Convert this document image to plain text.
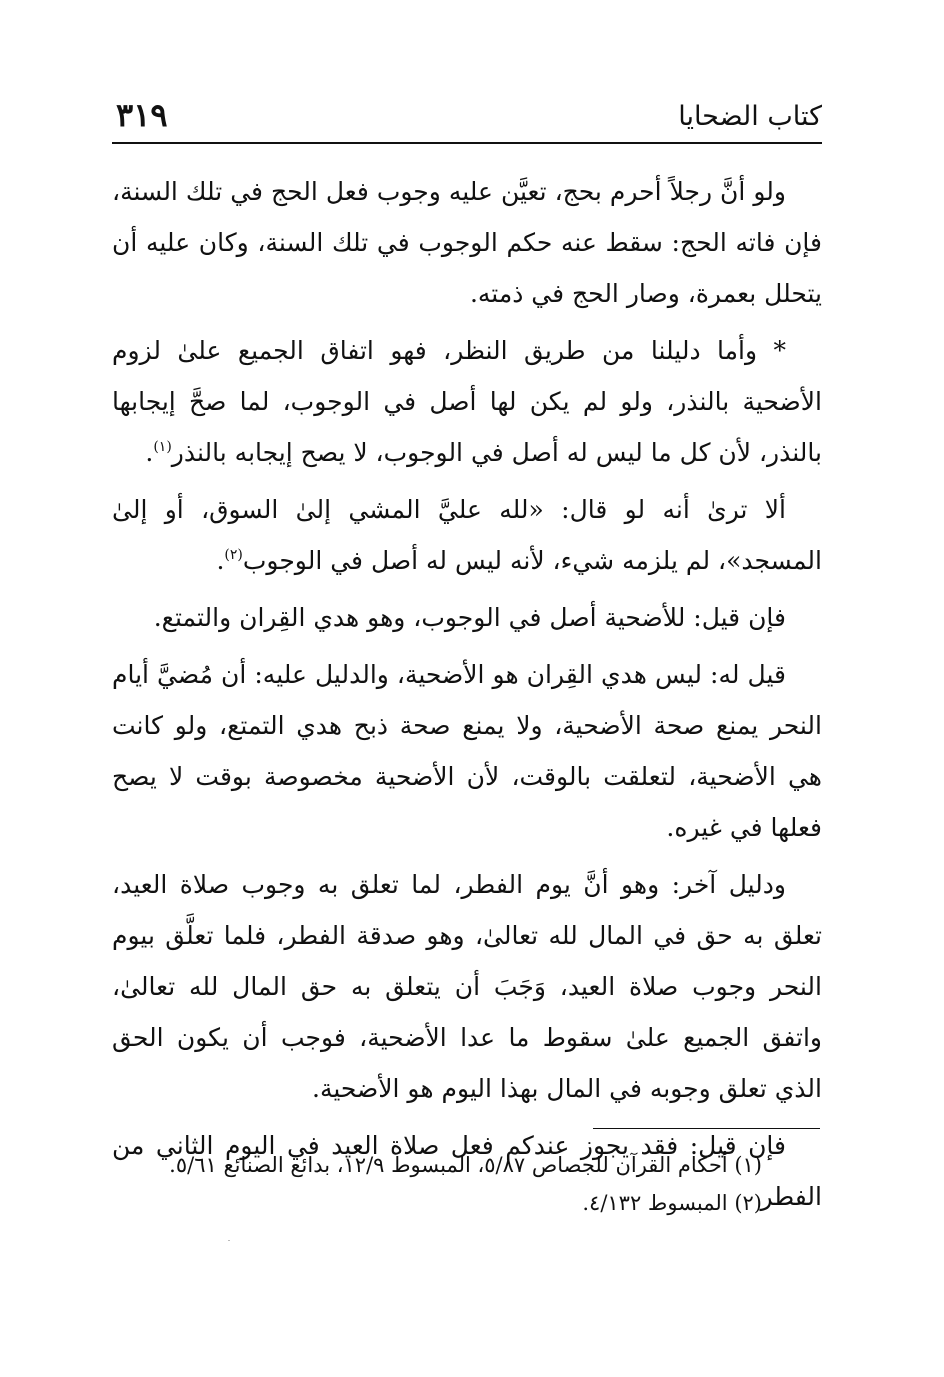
كتاب الضحايا
٣١٩

ولو أنَّ رجلاً أحرم بحج، تعيَّن عليه وجوب فعل الحج في تلك السنة، فإن فاته الحج: سقط عنه حكم الوجوب في تلك السنة، وكان عليه أن يتحلل بعمرة، وصار الحج في ذمته.

* وأما دليلنا من طريق النظر، فهو اتفاق الجميع علىٰ لزوم الأضحية بالنذر، ولو لم يكن لها أصل في الوجوب، لما صحَّ إيجابها بالنذر، لأن كل ما ليس له أصل في الوجوب، لا يصح إيجابه بالنذر$^{(١)}$.

ألا ترىٰ أنه لو قال: «لله عليَّ المشي إلىٰ السوق، أو إلىٰ المسجد»، لم يلزمه شيء، لأنه ليس له أصل في الوجوب$^{(٢)}$.

فإن قيل: للأضحية أصل في الوجوب، وهو هدي القِران والتمتع.

قيل له: ليس هدي القِران هو الأضحية، والدليل عليه: أن مُضيَّ أيام النحر يمنع صحة الأضحية، ولا يمنع صحة ذبح هدي التمتع، ولو كانت هي الأضحية، لتعلقت بالوقت، لأن الأضحية مخصوصة بوقت لا يصح فعلها في غيره.

ودليل آخر: وهو أنَّ يوم الفطر، لما تعلق به وجوب صلاة العيد، تعلق به حق في المال لله تعالىٰ، وهو صدقة الفطر، فلما تعلَّق بيوم النحر وجوب صلاة العيد، وَجَبَ أن يتعلق به حق المال لله تعالىٰ، واتفق الجميع علىٰ سقوط ما عدا الأضحية، فوجب أن يكون الحق الذي تعلق وجوبه في المال بهذا اليوم هو الأضحية.

فإن قيل: فقد يجوز عندكم فعل صلاة العيد في اليوم الثاني من الفطر

(١) أحكام القرآن للجصاص ٥/٨٧، المبسوط ١٢/٩، بدائع الصنائع ٥/٦١.
(٢) المبسوط ٤/١٣٢.
